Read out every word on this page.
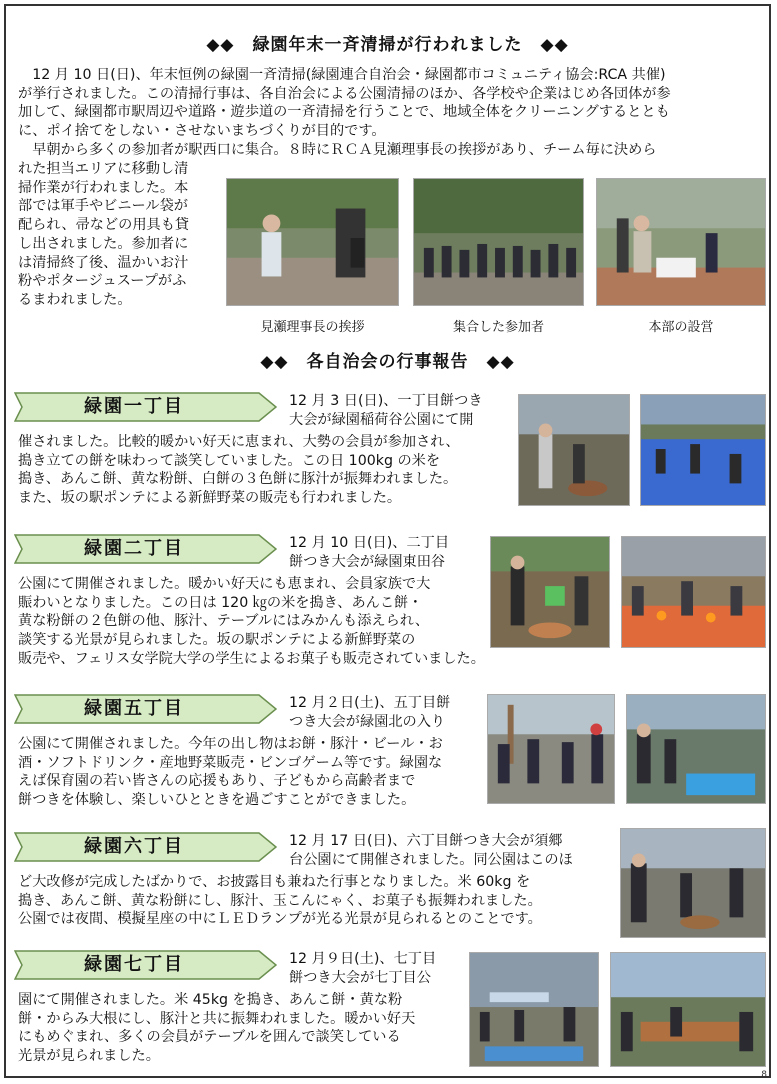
◆◆　緑園年末一斉清掃が行われました　◆◆
　12 月 10 日(日)、年末恒例の緑園一斉清掃(緑園連合自治会・緑園都市コミュニティ協会:RCA 共催)
が挙行されました。この清掃行事は、各自治会による公園清掃のほか、各学校や企業はじめ各団体が参
加して、緑園都市駅周辺や道路・遊歩道の一斉清掃を行うことで、地域全体をクリーニングするととも
に、ポイ捨てをしない・させないまちづくりが目的です。
　早朝から多くの参加者が駅西口に集合。８時にＲＣＡ見瀬理事長の挨拶があり、チーム毎に決めら
れた担当エリアに移動し清
掃作業が行われました。本
部では軍手やビニール袋が
配られ、帚などの用具も貸
し出されました。参加者に
は清掃終了後、温かいお汁
粉やポタージュスープがふ
るまわれました。
見瀬理事長の挨拶	集合した参加者	本部の設営
◆◆　各自治会の行事報告　◆◆
緑園一丁目	12 月 3 日(日)、一丁目餅つき
大会が緑園稲荷谷公園にて開
催されました。比較的暖かい好天に恵まれ、大勢の会員が参加され、
搗き立ての餅を味わって談笑していました。この日 100kg の米を
搗き、あんこ餅、黄な粉餅、白餅の３色餅に豚汁が振舞われました。
また、坂の駅ポンテによる新鮮野菜の販売も行われました。
緑園二丁目	12 月 10 日(日)、二丁目
餅つき大会が緑園東田谷
公園にて開催されました。暖かい好天にも恵まれ、会員家族で大
賑わいとなりました。この日は 120 ㎏の米を搗き、あんこ餅・
黄な粉餅の２色餅の他、豚汁、テーブルにはみかんも添えられ、
談笑する光景が見られました。坂の駅ポンテによる新鮮野菜の
販売や、フェリス女学院大学の学生によるお菓子も販売されていました。
緑園五丁目	12 月２日(土)、五丁目餅
つき大会が緑園北の入り
公園にて開催されました。今年の出し物はお餅・豚汁・ビール・お
酒・ソフトドリンク・産地野菜販売・ビンゴゲーム等です。緑園な
えば保育園の若い皆さんの応援もあり、子どもから高齢者まで
餅つきを体験し、楽しいひとときを過ごすことができました。
緑園六丁目	12 月 17 日(日)、六丁目餅つき大会が須郷
台公園にて開催されました。同公園はこのほ
ど大改修が完成したばかりで、お披露目も兼ねた行事となりました。米 60kg を
搗き、あんこ餅、黄な粉餅にし、豚汁、玉こんにゃく、お菓子も振舞われました。
公園では夜間、模擬星座の中にＬＥＤランプが光る光景が見られるとのことです。
緑園七丁目	12 月９日(土)、七丁目
餅つき大会が七丁目公
園にて開催されました。米 45kg を搗き、あんこ餅・黄な粉
餅・からみ大根にし、豚汁と共に振舞われました。暖かい好天
にもめぐまれ、多くの会員がテーブルを囲んで談笑している
光景が見られました。
8
